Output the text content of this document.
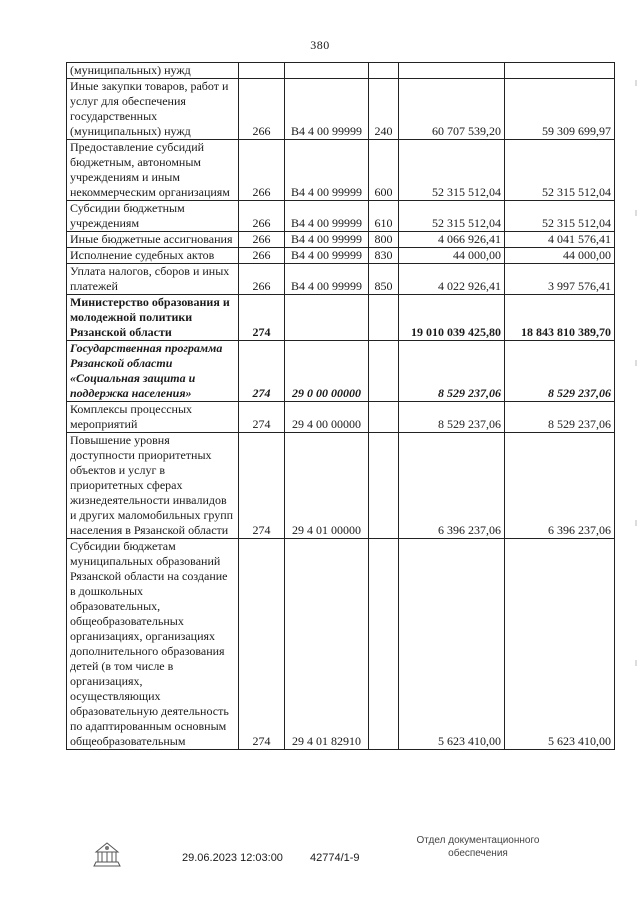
380
(муниципальных) нужд					
Иные закупки товаров, работ и услуг для обеспечения государственных (муниципальных) нужд	266	В4 4 00 99999	240	60 707 539,20	59 309 699,97
Предоставление субсидий бюджетным, автономным учреждениям и иным некоммерческим организациям	266	В4 4 00 99999	600	52 315 512,04	52 315 512,04
Субсидии бюджетным учреждениям	266	В4 4 00 99999	610	52 315 512,04	52 315 512,04
Иные бюджетные ассигнования	266	В4 4 00 99999	800	4 066 926,41	4 041 576,41
Исполнение судебных актов	266	В4 4 00 99999	830	44 000,00	44 000,00
Уплата налогов, сборов и иных платежей	266	В4 4 00 99999	850	4 022 926,41	3 997 576,41
Министерство образования и молодежной политики Рязанской области	274			19 010 039 425,80	18 843 810 389,70
Государственная программа Рязанской области «Социальная защита и поддержка населения»	274	29 0 00 00000		8 529 237,06	8 529 237,06
Комплексы процессных мероприятий	274	29 4 00 00000		8 529 237,06	8 529 237,06
Повышение уровня доступности приоритетных объектов и услуг в приоритетных сферах жизнедеятельности инвалидов и других маломобильных групп населения в Рязанской области	274	29 4 01 00000		6 396 237,06	6 396 237,06
Субсидии бюджетам муниципальных образований Рязанской области на создание в дошкольных образовательных, общеобразовательных организациях, организациях дополнительного образования детей (в том числе в организациях, осуществляющих образовательную деятельность по адаптированным основным общеобразовательным	274	29 4 01 82910		5 623 410,00	5 623 410,00
29.06.2023 12:03:00 42774/1-9
Отдел документационного
обеспечения
